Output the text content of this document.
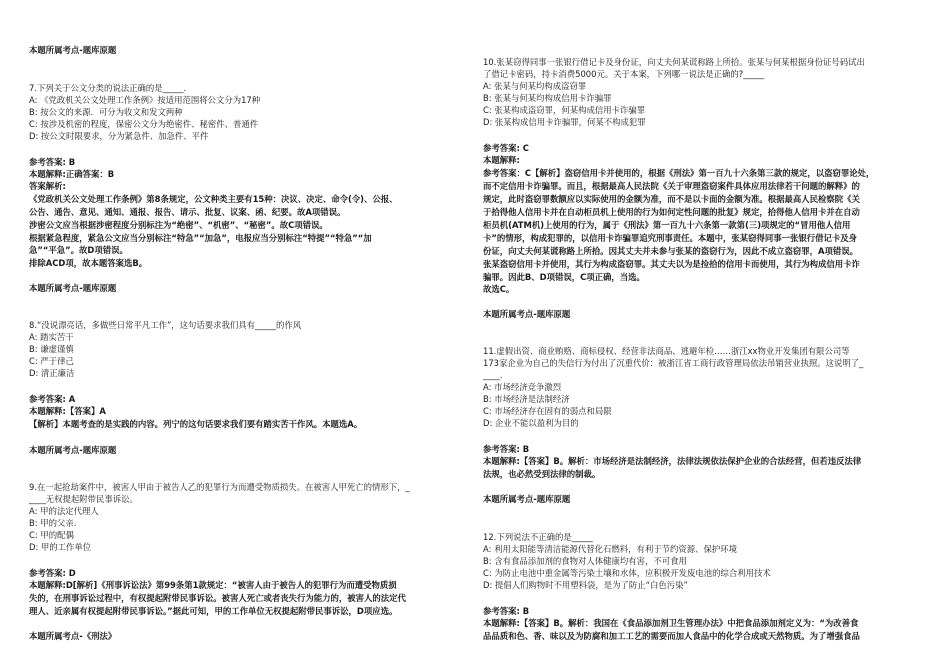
本题所属考点-题库原题
7.下列关于公文分类的说法正确的是_____.
A: 《党政机关公文处理工作条例》按适用范围将公文分为17种
B: 按公文的来源．可分为收文和发文两种
C: 按涉及机密的程度，保密公文分为绝密件、秘密件、普通件
D: 按公文时限要求，分为紧急件、加急件、平件
参考答案: B
本题解释:正确答案：B
答案解析:
《党政机关公文处理工作条例》第8条规定，公文种类主要有15种：决议、决定、命令(令)、公报、
公告、通告、意见、通知、通报、报告、请示、批复、议案、函、纪要。故A项错误。
涉密公文应当根据涉密程度分别标注为“绝密”、“机密”、“秘密”。故C项错误。
根据紧急程度，紧急公文应当分别标注“特急”“加急”，电报应当分别标注“特提”“特急”“加
急”“平急”。故D项错误。
排除ACD项，故本题答案选B。
本题所属考点-题库原题
8.“没说漂亮话，多做些日常平凡工作”，这句话要求我们具有_____的作风
A: 踏实苦干
B: 谦虚谨慎
C: 严于律己
D: 清正廉洁
参考答案: A
本题解释:【答案】A
【解析】本题考查的是实践的内容。列宁的这句话要求我们要有踏实苦干作风。本题选A。
本题所属考点-题库原题
9.在一起抢劫案件中，被害人甲由于被告人乙的犯罪行为而遭受物质损失。在被害人甲死亡的情形下，_
____无权提起附带民事诉讼。
A: 甲的法定代理人
B: 甲的父亲.
C: 甲的配偶
D: 甲的工作单位
参考答案: D
本题解释:D[解析]《刑事诉讼法》第99条第1款规定：“被害人由于被告人的犯罪行为而遭受物质损
失的，在刑事诉讼过程中，有权提起附带民事诉讼。被害人死亡或者丧失行为能力的，被害人的法定代
理人、近亲属有权提起附带民事诉讼。”据此可知，甲的工作单位无权提起附带民事诉讼，D项应选。
本题所属考点-《刑法》
10.张某窃得同事一张银行借记卡及身份证，向丈夫何某谎称路上所拾。张某与何某根据身份证号码试出
了借记卡密码，持卡消费5000元。关于本案，下列哪一说法是正确的?_____
A: 张某与何某均构成盗窃罪
B: 张某与何某均构成信用卡诈骗罪
C: 张某构成盗窃罪，何某构成信用卡诈骗罪
D: 张某构成信用卡诈骗罪，何某不构成犯罪
参考答案: C
本题解释:
参考答案：C【解析】盗窃信用卡并使用的，根据《刑法》第一百九十六条第三款的规定，以盗窃罪论处，
而不定信用卡诈骗罪。而且，根据最高人民法院《关于审理盗窃案件具体应用法律若干问题的解释》的
规定，此时盗窃罪数额应以实际使用的金额为准，而不是以卡面的金额为准。根据最高人民检察院《关
于拾得他人信用卡并在自动柜员机上使用的行为如何定性问题的批复》规定，拾得他人信用卡并在自动
柜员机(ATM机)上使用的行为，属于《刑法》第一百九十六条第一款第(三)项规定的“冒用他人信用
卡”的情形，构成犯罪的，以信用卡诈骗罪追究刑事责任。本题中，张某窃得同事一张银行借记卡及身
份证，向丈夫何某谎称路上所拾。因其丈夫并未参与张某的盗窃行为，因此不成立盗窃罪，A项错误。
张某盗窃信用卡并使用，其行为构成盗窃罪。其丈夫以为是捡拾的信用卡而使用，其行为构成信用卡诈
骗罪。因此B、D项错误，C项正确，当选。
故选C。
本题所属考点-题库原题
11.虚假出资、商业贿赂、商标侵权、经营非法商品、逃避年检……浙江xx物业开发集团有限公司等
173家企业为自己的失信行为付出了沉重代价：被浙江省工商行政管理局依法吊销营业执照。这说明了_
____.
A: 市场经济竞争激烈
B: 市场经济是法制经济
C: 市场经济存在固有的弱点和局限
D: 企业不能以盈利为目的
参考答案: B
本题解释:【答案】B。解析：市场经济是法制经济，法律法规依法保护企业的合法经营，但若违反法律
法规，也必然受到法律的制裁。
本题所属考点-题库原题
12.下列说法不正确的是_____
A: 利用太阳能等清洁能源代替化石燃料，有利于节约资源、保护环境
B: 含有食品添加剂的食物对人体健康均有害，不可食用
C: 为防止电池中重金属等污染土壤和水体，应积极开发废电池的综合利用技术
D: 提倡人们购物时不用塑料袋，是为了防止“白色污染”
参考答案: B
本题解释:【答案】B。解析：我国在《食品添加剂卫生管理办法》中把食品添加剂定义为：“为改善食
品品质和色、香、味以及为防腐和加工工艺的需要而加人食品中的化学合成或天然物质。为了增强食品
